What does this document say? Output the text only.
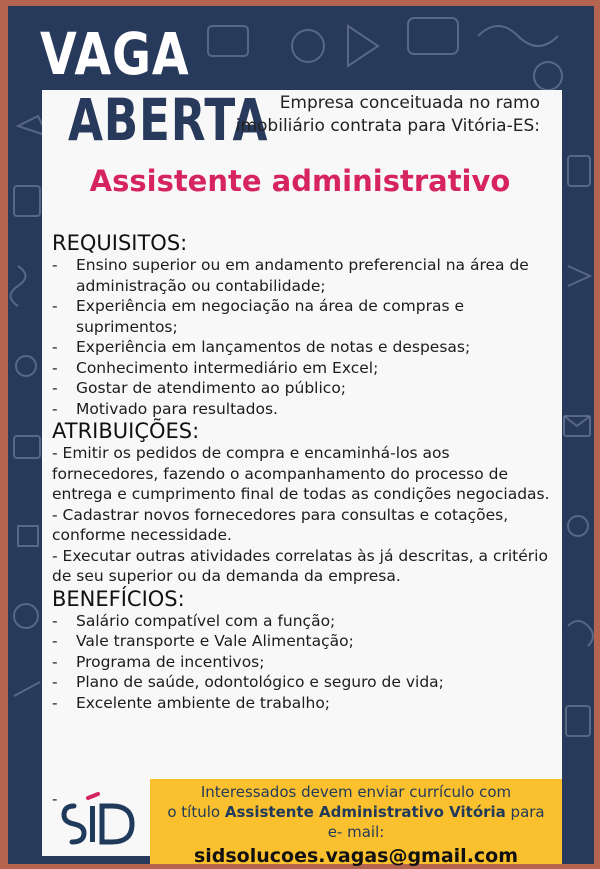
VAGA
ABERTA Empresa conceituada no ramo imobiliário contrata para Vitória-ES:
Assistente administrativo
REQUISITOS:
- Ensino superior ou em andamento preferencial na área de administração ou contabilidade;
- Experiência em negociação na área de compras e suprimentos;
- Experiência em lançamentos de notas e despesas;
- Conhecimento intermediário em Excel;
- Gostar de atendimento ao público;
- Motivado para resultados.
ATRIBUIÇÕES:

- Emitir os pedidos de compra e encaminhá-los aos fornecedores, fazendo o acompanhamento do processo de entrega e cumprimento final de todas as condições negociadas.

- Cadastrar novos fornecedores para consultas e cotações, conforme necessidade.

- Executar outras atividades correlatas às já descritas, a critério de seu superior ou da demanda da empresa.

BENEFÍCIOS:
- Salário compatível com a função;
- Vale transporte e Vale Alimentação;
- Programa de incentivos;
- Plano de saúde, odontológico e seguro de vida;
- Excelente ambiente de trabalho;
-	Interessados devem enviar currículo com
o título Assistente Administrativo Vitória para
e- mail:
sidsolucoes.vagas@gmail.com
